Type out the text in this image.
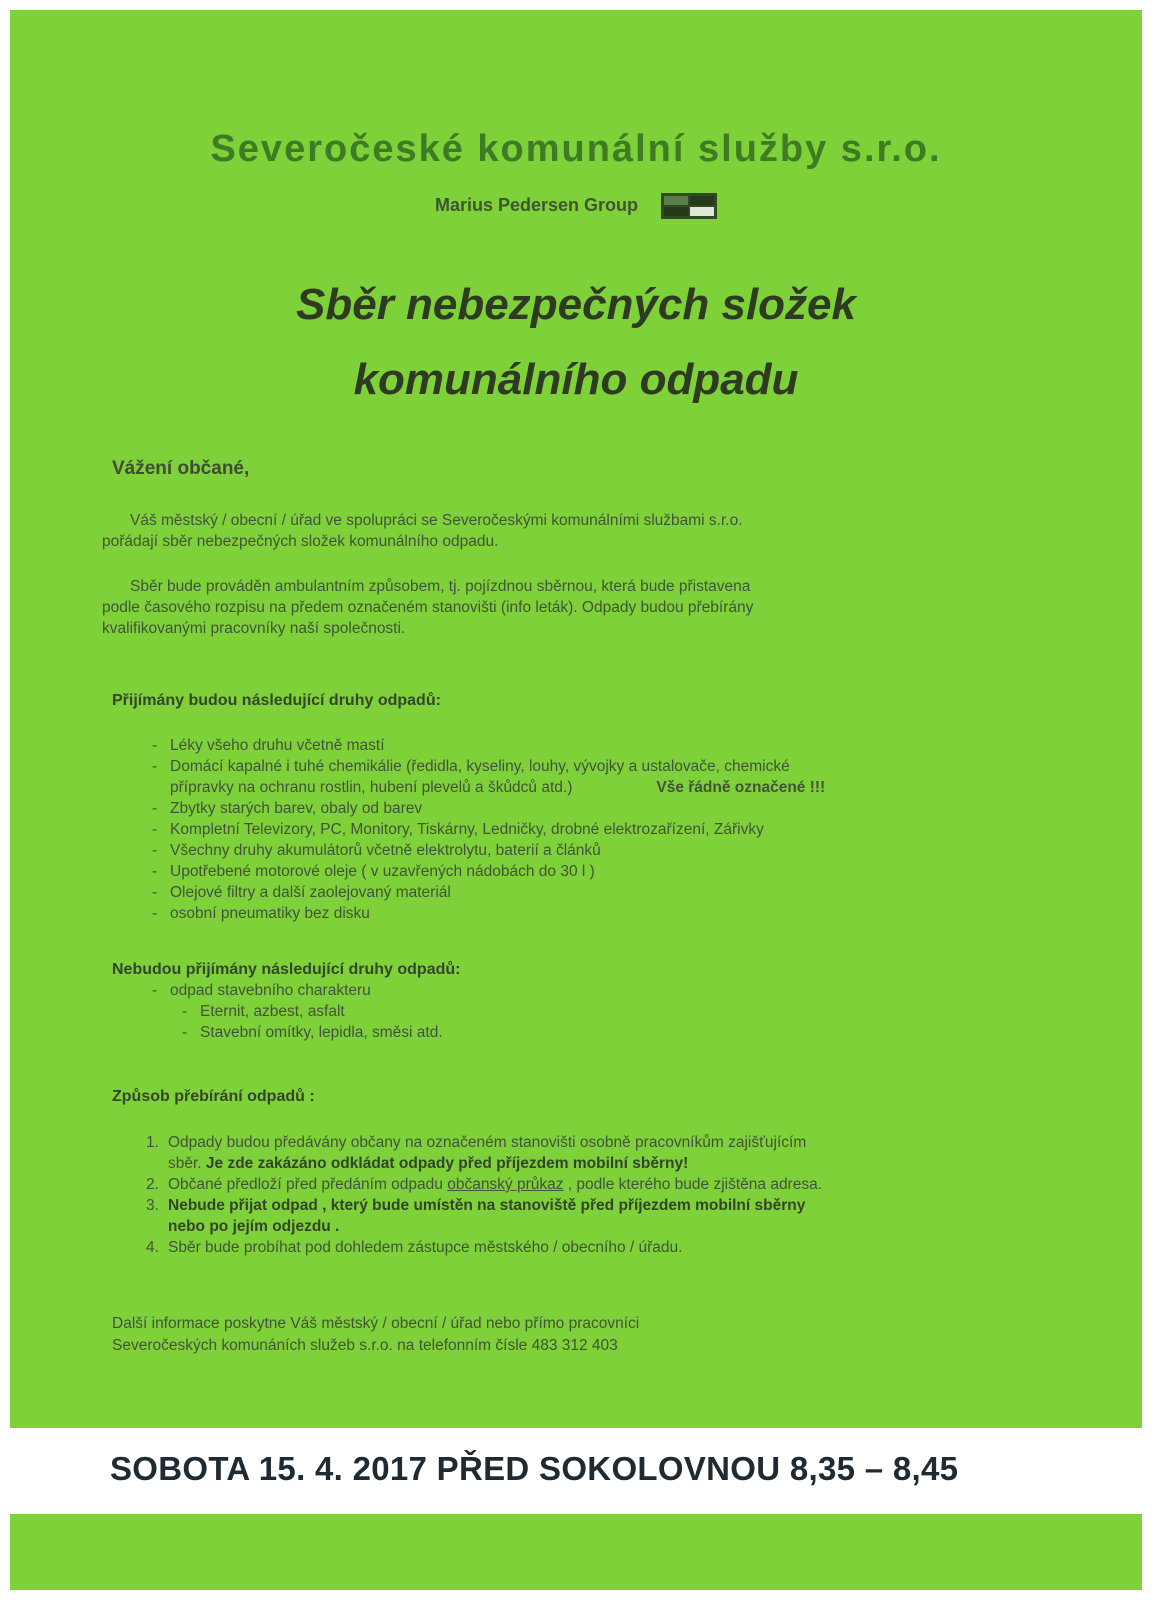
Severočeské komunální služby s.r.o.
Marius Pedersen Group
Sběr nebezpečných složek
komunálního odpadu
Vážení občané,
Váš městský / obecní / úřad ve spolupráci se Severočeskými komunálními službami s.r.o.
pořádají sběr nebezpečných složek komunálního odpadu.
Sběr bude prováděn ambulantním způsobem, tj. pojízdnou sběrnou, která bude přistavena
podle časového rozpisu na předem označeném stanovišti (info leták). Odpady budou přebírány
kvalifikovanými pracovníky naší společnosti.
Přijímány budou následující druhy odpadů:
- Léky všeho druhu včetně mastí
- Domácí kapalné i tuhé chemikálie (ředidla, kyseliny, louhy, vývojky a ustalovače, chemické
přípravky na ochranu rostlin, hubení plevelů a škůdců atd.)	Vše řádně označené !!!
- Zbytky starých barev, obaly od barev
- Kompletní Televizory, PC, Monitory, Tiskárny, Ledničky, drobné elektrozařízení, Zářivky
- Všechny druhy akumulátorů včetně elektrolytu, baterií a článků
- Upotřebené motorové oleje ( v uzavřených nádobách do 30 l )
- Olejové filtry a další zaolejovaný materiál
- osobní pneumatiky bez disku
Nebudou přijímány následující druhy odpadů:
- odpad stavebního charakteru
- Eternit, azbest, asfalt
- Stavební omítky, lepidla, směsi atd.
Způsob přebírání odpadů :
1. Odpady budou předávány občany na označeném stanovišti osobně pracovníkům zajišťujícím
sběr. Je zde zakázáno odkládat odpady před příjezdem mobilní sběrny!
2. Občané předloží před předáním odpadu občanský průkaz , podle kterého bude zjištěna adresa.
3. Nebude přijat odpad , který bude umístěn na stanoviště před příjezdem mobilní sběrny
nebo po jejím odjezdu .
4. Sběr bude probíhat pod dohledem zástupce městského / obecního / úřadu.
Další informace poskytne Váš městský / obecní / úřad nebo přímo pracovníci
Severočeských komunáních služeb s.r.o. na telefonním čísle 483 312 403
SOBOTA 15. 4. 2017 PŘED SOKOLOVNOU 8,35 – 8,45
